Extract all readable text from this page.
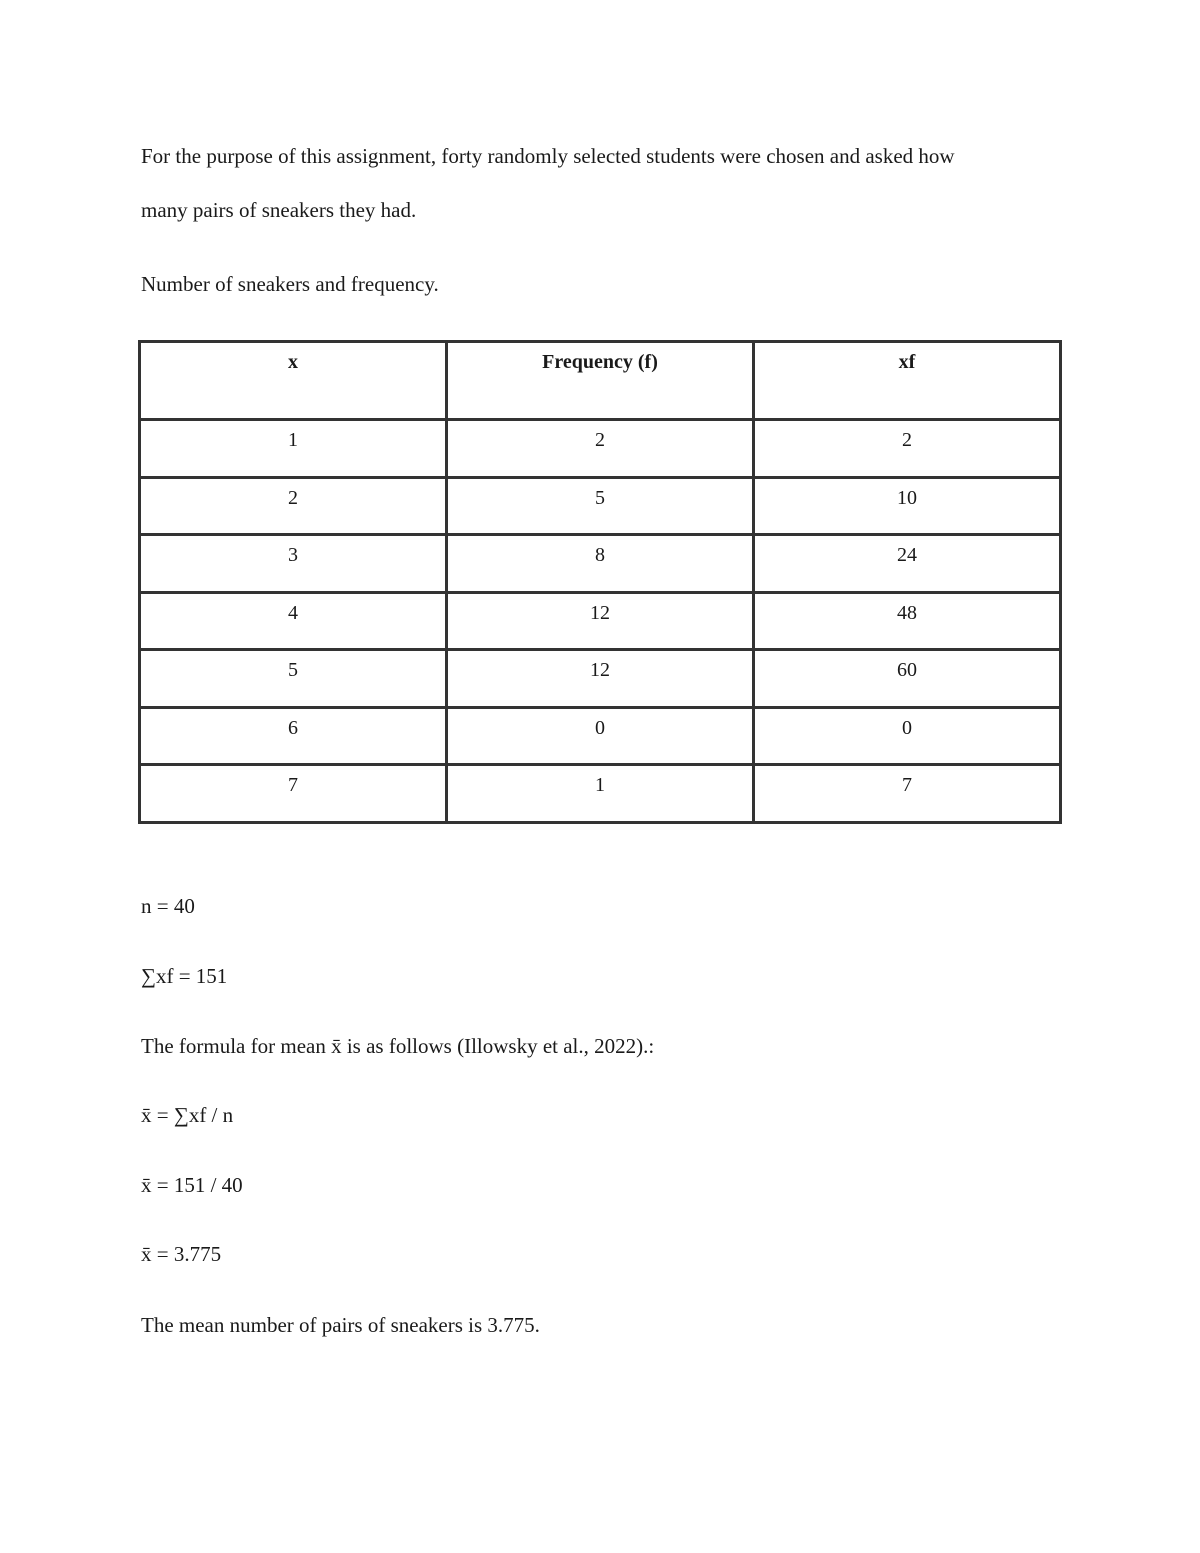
For the purpose of this assignment, forty randomly selected students were chosen and asked how
many pairs of sneakers they had.
Number of sneakers and frequency.
x	Frequency (f)	xf
1	2	2
2	5	10
3	8	24
4	12	48
5	12	60
6	0	0
7	1	7
n = 40
∑xf = 151
The formula for mean x̄ is as follows (Illowsky et al., 2022).:
x̄ = ∑xf / n
x̄ = 151 / 40
x̄ = 3.775
The mean number of pairs of sneakers is 3.775.
